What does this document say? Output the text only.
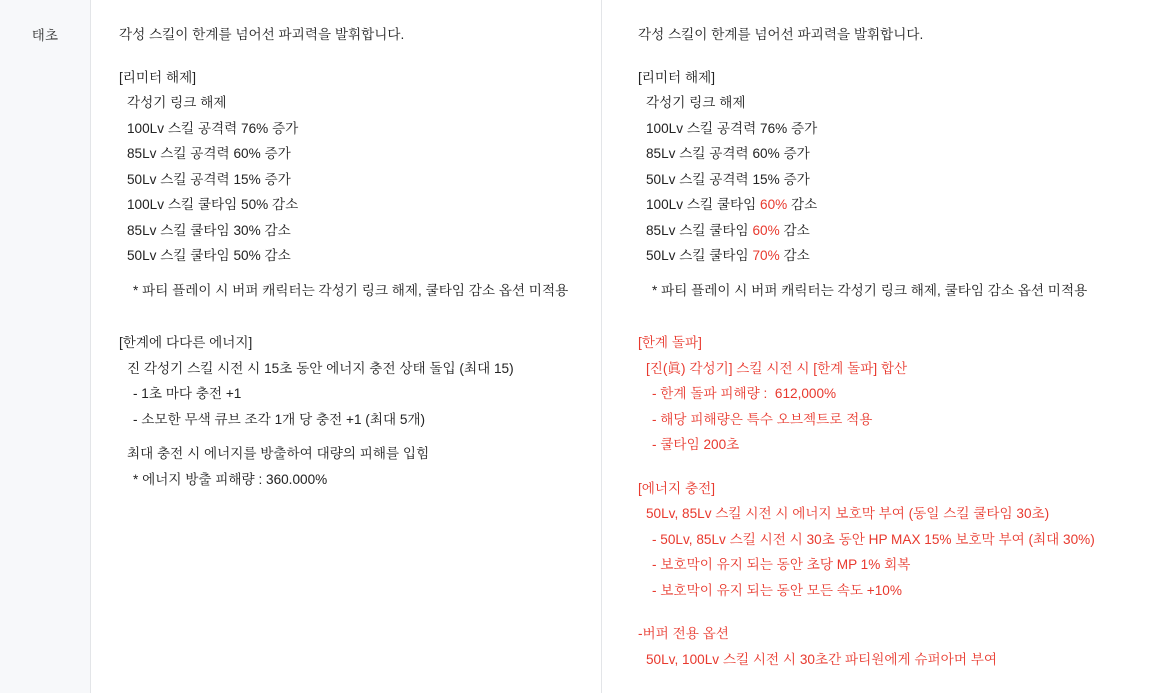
태초	각성 스킬이 한계를 넘어선 파괴력을 발휘합니다.
[리미터 해제]
각성기 링크 해제
100Lv 스킬 공격력 76% 증가
85Lv 스킬 공격력 60% 증가
50Lv 스킬 공격력 15% 증가
100Lv 스킬 쿨타임 50% 감소
85Lv 스킬 쿨타임 30% 감소
50Lv 스킬 쿨타임 50% 감소
* 파티 플레이 시 버퍼 캐릭터는 각성기 링크 해제, 쿨타임 감소 옵션 미적용
[한계에 다다른 에너지]
진 각성기 스킬 시전 시 15초 동안 에너지 충전 상태 돌입 (최대 15)
- 1초 마다 충전 +1
- 소모한 무색 큐브 조각 1개 당 충전 +1 (최대 5개)
최대 충전 시 에너지를 방출하여 대량의 피해를 입힘
* 에너지 방출 피해량 : 360.000%
각성 스킬이 한계를 넘어선 파괴력을 발휘합니다.
[리미터 해제]
각성기 링크 해제
100Lv 스킬 공격력 76% 증가
85Lv 스킬 공격력 60% 증가
50Lv 스킬 공격력 15% 증가
100Lv 스킬 쿨타임 60% 감소
85Lv 스킬 쿨타임 60% 감소
50Lv 스킬 쿨타임 70% 감소
* 파티 플레이 시 버퍼 캐릭터는 각성기 링크 해제, 쿨타임 감소 옵션 미적용
[한계 돌파]
[진(眞) 각성기] 스킬 시전 시 [한계 돌파] 합산
- 한계 돌파 피해량 :  612,000%
- 해당 피해량은 특수 오브젝트로 적용
- 쿨타임 200초
[에너지 충전]
50Lv, 85Lv 스킬 시전 시 에너지 보호막 부여 (동일 스킬 쿨타임 30초)
- 50Lv, 85Lv 스킬 시전 시 30초 동안 HP MAX 15% 보호막 부여 (최대 30%)
- 보호막이 유지 되는 동안 초당 MP 1% 회복
- 보호막이 유지 되는 동안 모든 속도 +10%
-버퍼 전용 옵션
50Lv, 100Lv 스킬 시전 시 30초간 파티원에게 슈퍼아머 부여
